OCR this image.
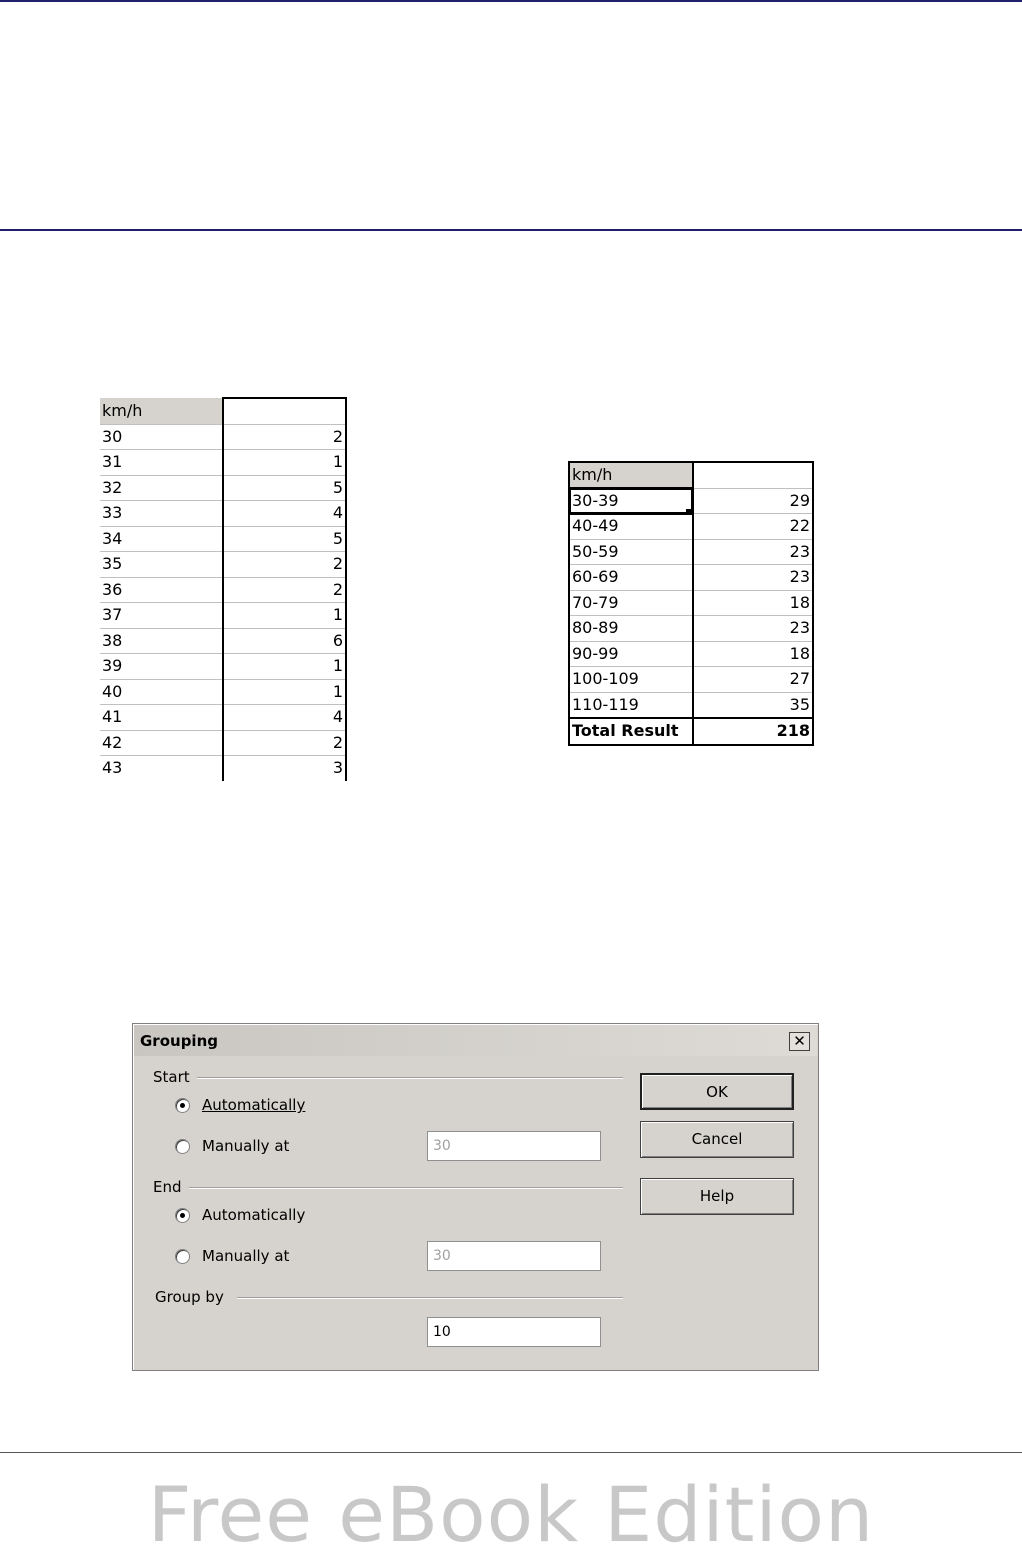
km/h	
30	2
31	1
32	5
33	4
34	5
35	2
36	2
37	1
38	6
39	1
40	1
41	4
42	2
43	3

km/h	
30-39	29
40-49	22
50-59	23
60-69	23
70-79	18
80-89	23
90-99	18
100-109	27
110-119	35
Total Result	218
Grouping	✕
Start
Automatically
Manually at	30
End
Automatically
Manually at	30
Group by
10
OK
Cancel
Help
Free eBook Edition
